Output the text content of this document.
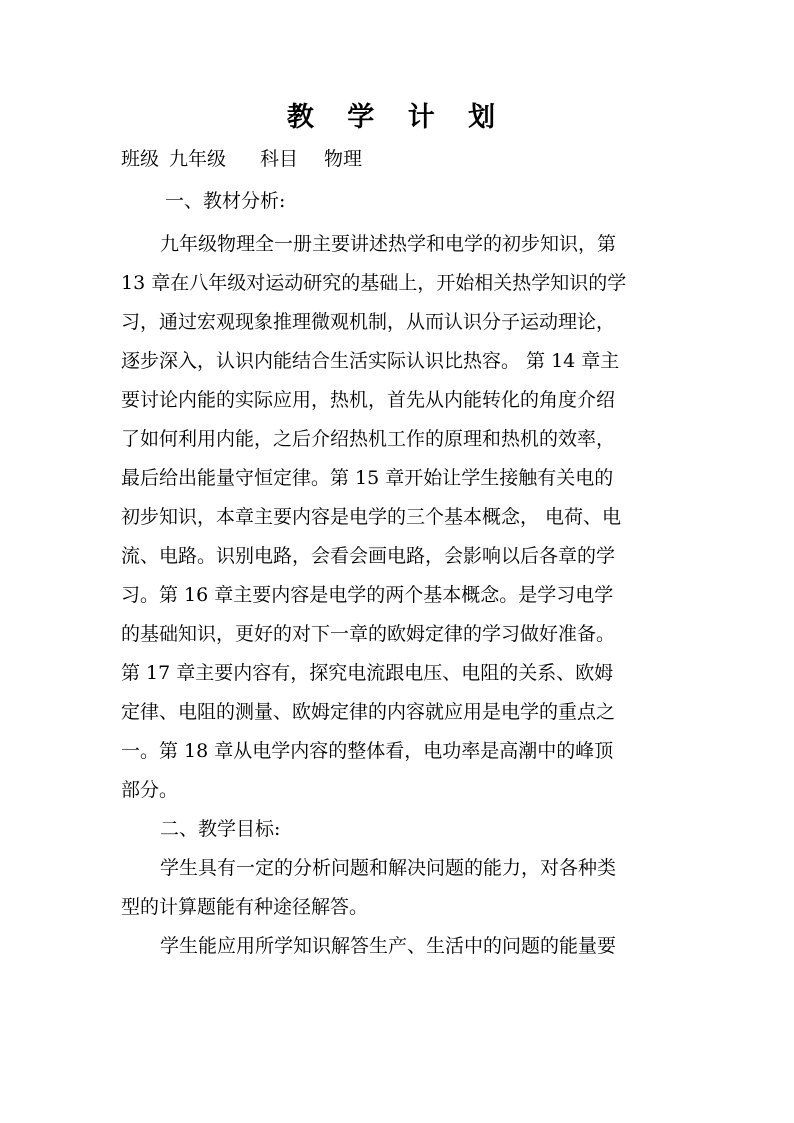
教 学 计 划
班级 九年级 科目 物理
一、教材分析:
九年级物理全一册主要讲述热学和电学的初步知识，第
13 章在八年级对运动研究的基础上，开始相关热学知识的学
习，通过宏观现象推理微观机制，从而认识分子运动理论，
逐步深入，认识内能结合生活实际认识比热容。 第 14 章主
要讨论内能的实际应用，热机，首先从内能转化的角度介绍
了如何利用内能，之后介绍热机工作的原理和热机的效率，
最后给出能量守恒定律。第 15 章开始让学生接触有关电的
初步知识，本章主要内容是电学的三个基本概念， 电荷、电
流、电路。识别电路，会看会画电路，会影响以后各章的学
习。第 16 章主要内容是电学的两个基本概念。是学习电学
的基础知识，更好的对下一章的欧姆定律的学习做好准备。
第 17 章主要内容有，探究电流跟电压、电阻的关系、欧姆
定律、电阻的测量、欧姆定律的内容就应用是电学的重点之
一。第 18 章从电学内容的整体看，电功率是高潮中的峰顶
部分。
二、教学目标:
学生具有一定的分析问题和解决问题的能力，对各种类
型的计算题能有种途径解答。
学生能应用所学知识解答生产、生活中的问题的能量要
